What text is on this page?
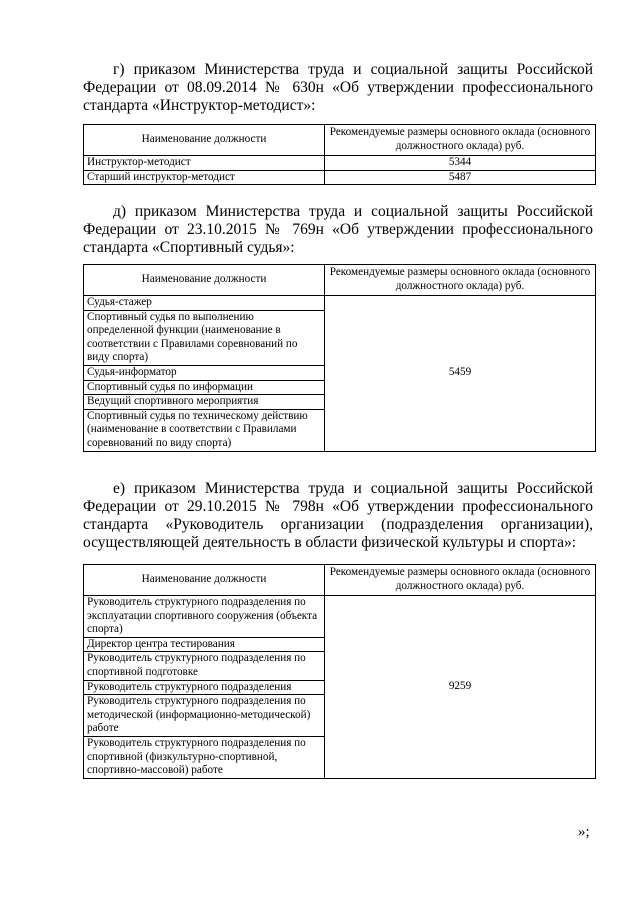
г) приказом Министерства труда и социальной защиты Российской Федерации от 08.09.2014 № 630н «Об утверждении профессионального стандарта «Инструктор-методист»:

Наименование должности	Рекомендуемые размеры основного оклада (основного должностного оклада) руб.
Инструктор-методист	5344
Старший инструктор-методист	5487

д) приказом Министерства труда и социальной защиты Российской Федерации от 23.10.2015 № 769н «Об утверждении профессионального стандарта «Спортивный судья»:

Наименование должности	Рекомендуемые размеры основного оклада (основного должностного оклада) руб.
Судья-стажер	5459
Спортивный судья по выполнению определенной функции (наименование в соответствии с Правилами соревнований по виду спорта)	
Судья-информатор	
Спортивный судья по информации	
Ведущий спортивного мероприятия	
Спортивный судья по техническому действию (наименование в соответствии с Правилами соревнований по виду спорта)	

е) приказом Министерства труда и социальной защиты Российской Федерации от 29.10.2015 № 798н «Об утверждении профессионального стандарта «Руководитель организации (подразделения организации), осуществляющей деятельность в области физической культуры и спорта»:

Наименование должности	Рекомендуемые размеры основного оклада (основного должностного оклада) руб.
Руководитель структурного подразделения по эксплуатации спортивного сооружения (объекта спорта)	9259
Директор центра тестирования	
Руководитель структурного подразделения по спортивной подготовке	
Руководитель структурного подразделения	
Руководитель структурного подразделения по методической (информационно-методической) работе	
Руководитель структурного подразделения по спортивной (физкультурно-спортивной, спортивно-массовой) работе	
»;
